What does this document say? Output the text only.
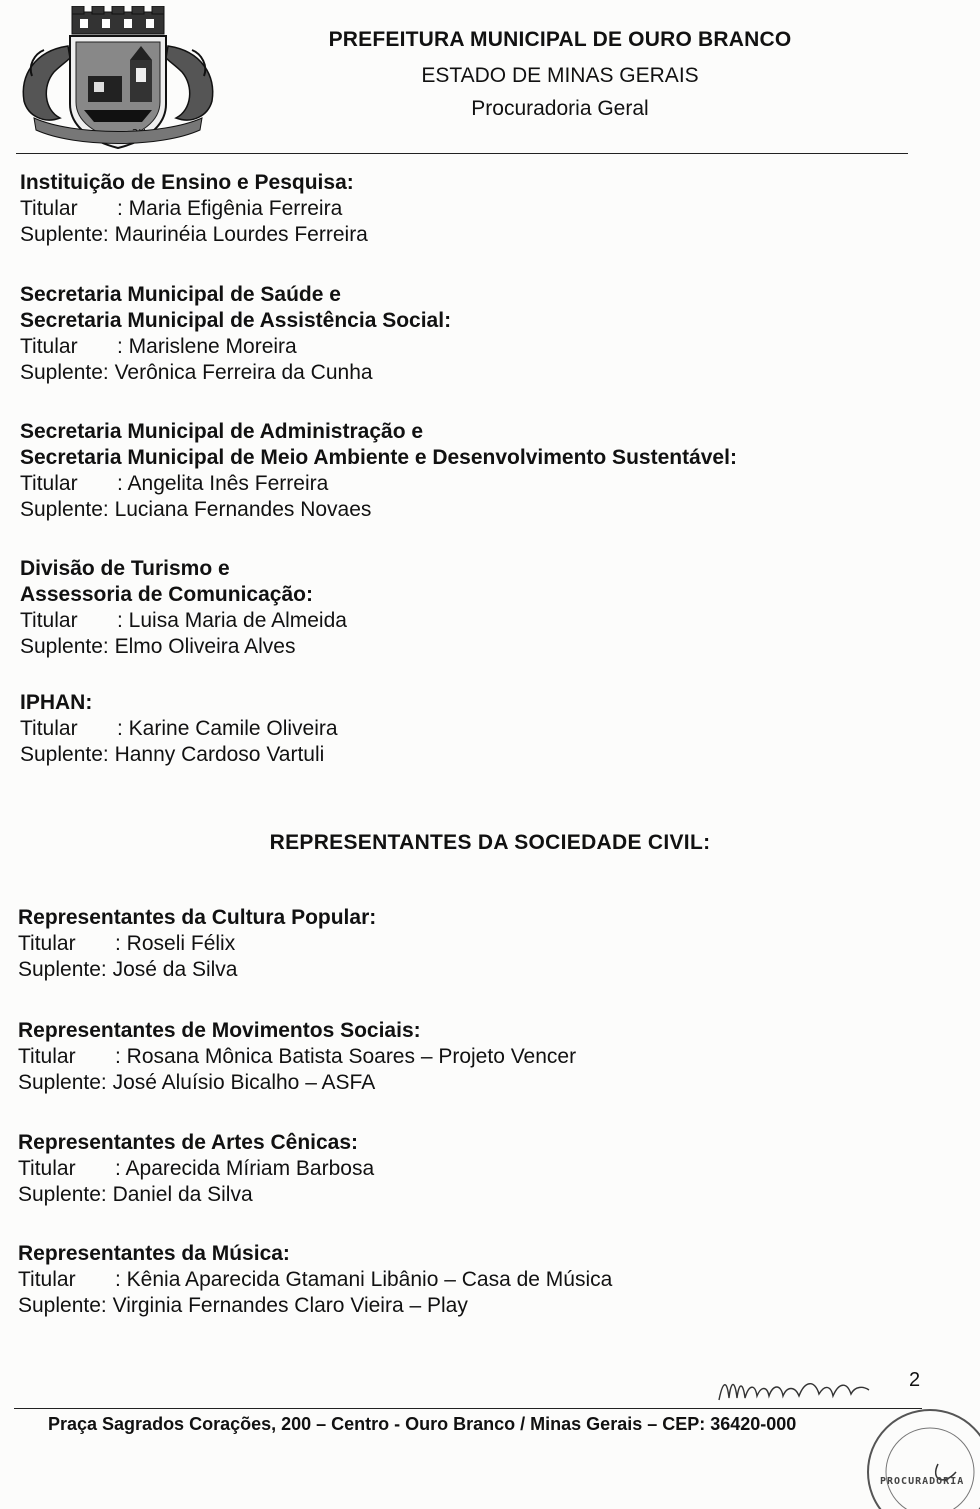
PREFEITURA MUNICIPAL DE OURO BRANCO
ESTADO DE MINAS GERAIS
Procuradoria Geral
Instituição de Ensino e Pesquisa:
Titular : Maria Efigênia Ferreira
Suplente: Maurinéia Lourdes Ferreira
Secretaria Municipal de Saúde e
Secretaria Municipal de Assistência Social:
Titular : Marislene Moreira
Suplente: Verônica Ferreira da Cunha
Secretaria Municipal de Administração e
Secretaria Municipal de Meio Ambiente e Desenvolvimento Sustentável:
Titular : Angelita Inês Ferreira
Suplente: Luciana Fernandes Novaes
Divisão de Turismo e
Assessoria de Comunicação:
Titular : Luisa Maria de Almeida
Suplente: Elmo Oliveira Alves
IPHAN:
Titular : Karine Camile Oliveira
Suplente: Hanny Cardoso Vartuli
REPRESENTANTES DA SOCIEDADE CIVIL:
Representantes da Cultura Popular:
Titular : Roseli Félix
Suplente: José da Silva
Representantes de Movimentos Sociais:
Titular : Rosana Mônica Batista Soares – Projeto Vencer
Suplente: José Aluísio Bicalho – ASFA
Representantes de Artes Cênicas:
Titular : Aparecida Míriam Barbosa
Suplente: Daniel da Silva
Representantes da Música:
Titular : Kênia Aparecida Gtamani Libânio – Casa de Música
Suplente: Virginia Fernandes Claro Vieira – Play
2
Praça Sagrados Corações, 200 – Centro - Ouro Branco / Minas Gerais – CEP: 36420-000
PROCURADORIA
